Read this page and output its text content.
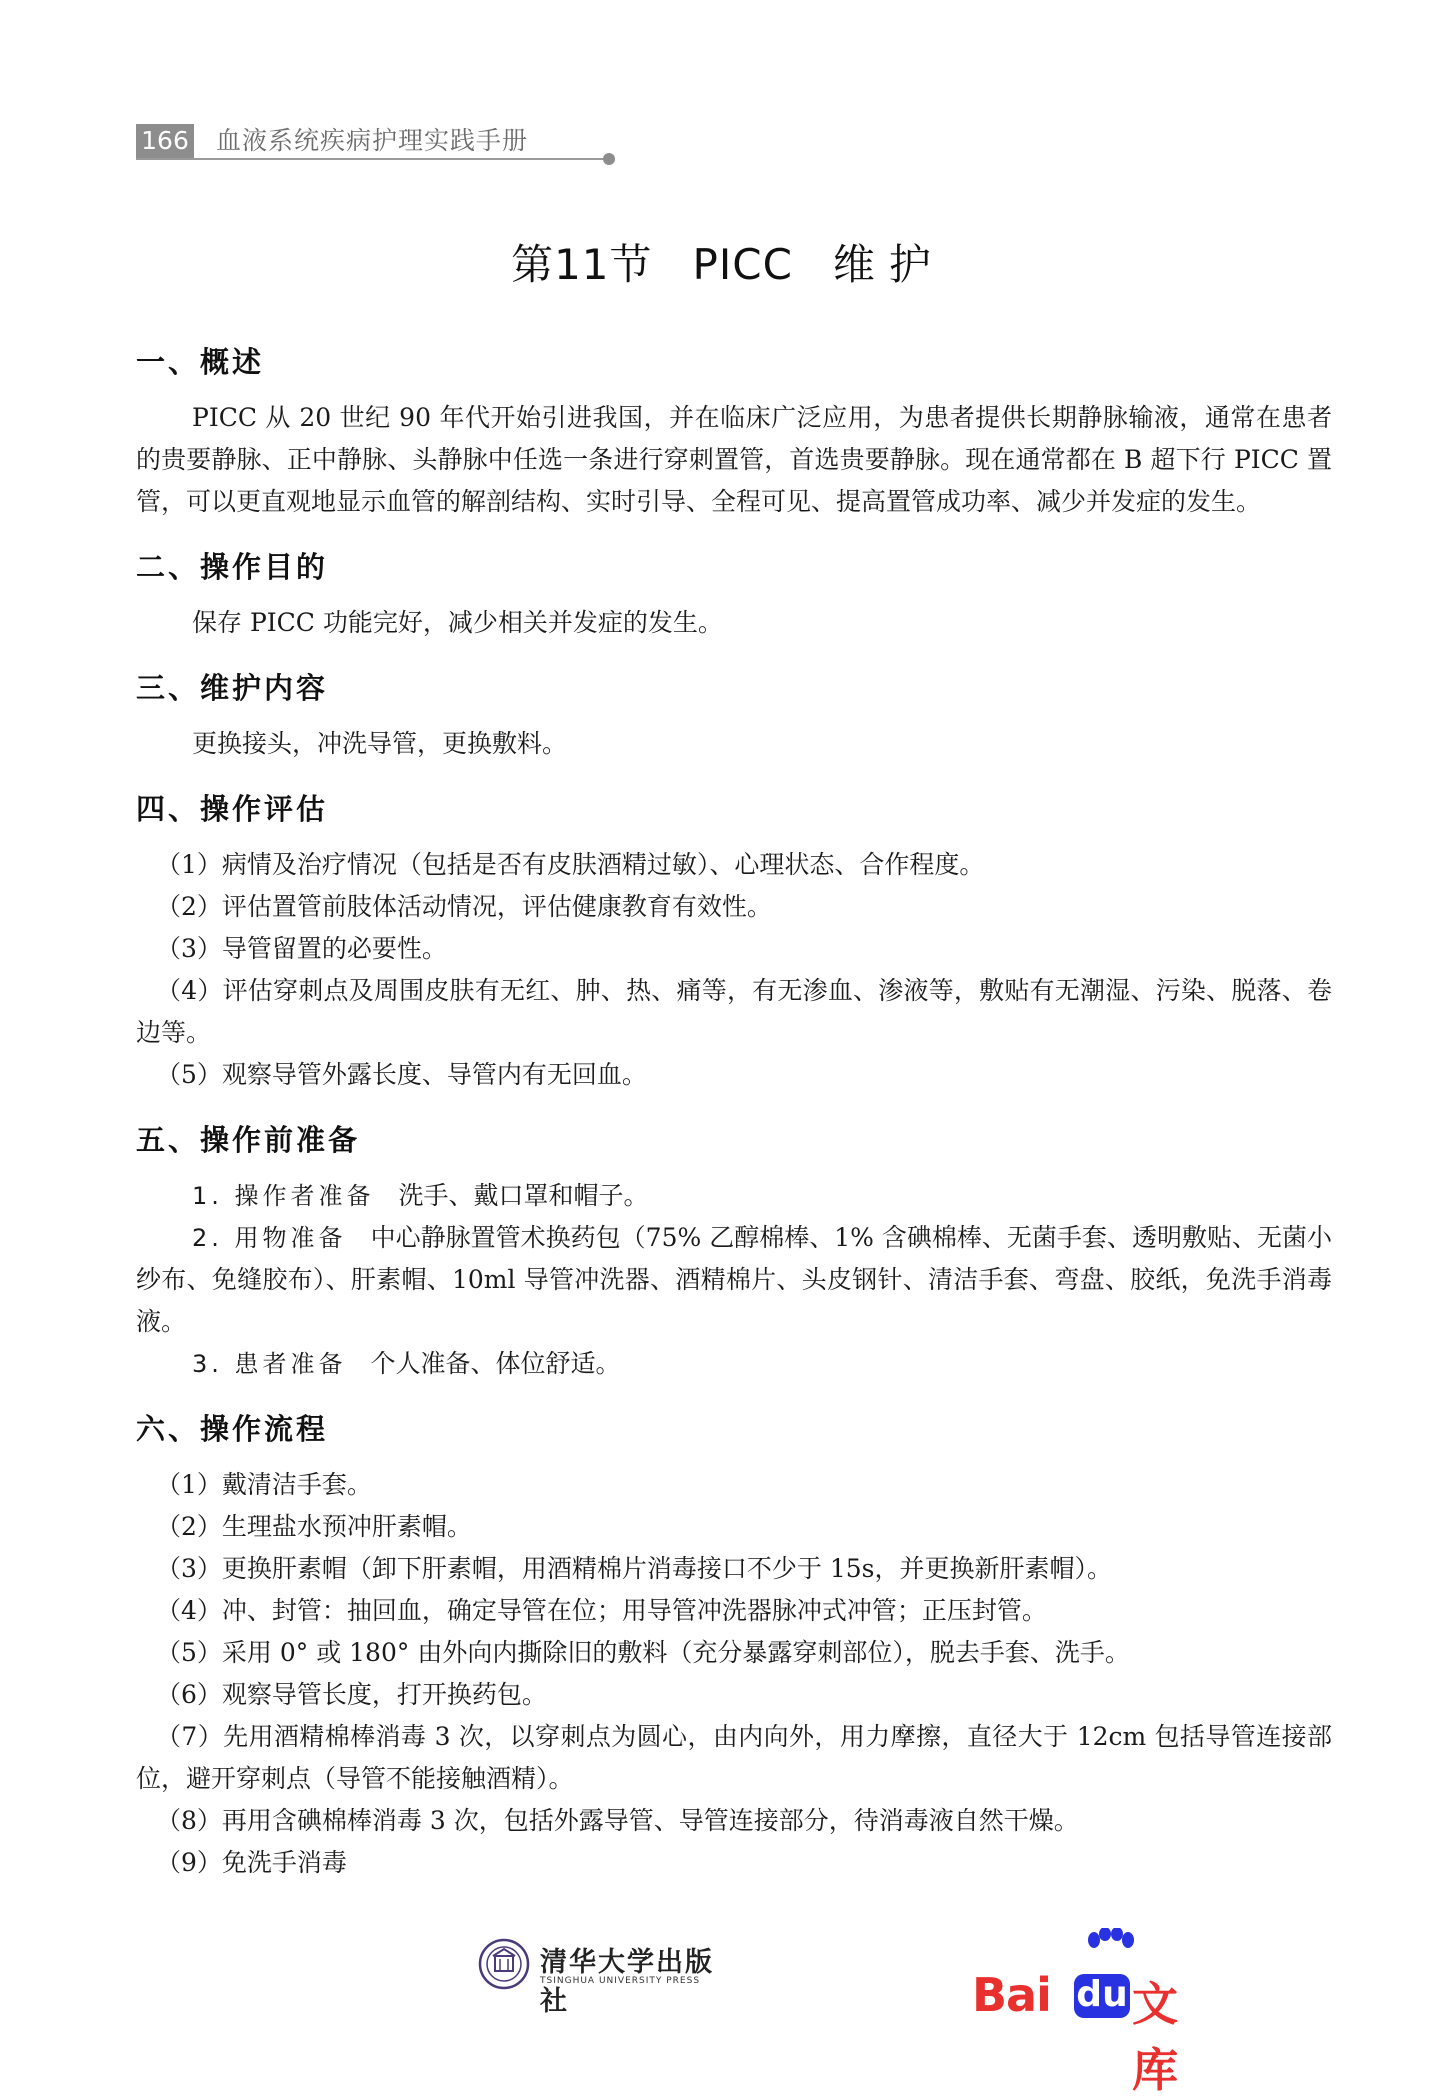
166 血液系统疾病护理实践手册
第11节 PICC 维护
一、概述

PICC 从 20 世纪 90 年代开始引进我国，并在临床广泛应用，为患者提供长期静脉输液，通常在患者的贵要静脉、正中静脉、头静脉中任选一条进行穿刺置管，首选贵要静脉。现在通常都在 B 超下行 PICC 置管，可以更直观地显示血管的解剖结构、实时引导、全程可见、提高置管成功率、减少并发症的发生。

二、操作目的

保存 PICC 功能完好，减少相关并发症的发生。

三、维护内容

更换接头，冲洗导管，更换敷料。

四、操作评估

（1）病情及治疗情况（包括是否有皮肤酒精过敏）、心理状态、合作程度。

（2）评估置管前肢体活动情况，评估健康教育有效性。

（3）导管留置的必要性。

（4）评估穿刺点及周围皮肤有无红、肿、热、痛等，有无渗血、渗液等，敷贴有无潮湿、污染、脱落、卷边等。

（5）观察导管外露长度、导管内有无回血。

五、操作前准备

1. 操作者准备 洗手、戴口罩和帽子。

2. 用物准备 中心静脉置管术换药包（75% 乙醇棉棒、1% 含碘棉棒、无菌手套、透明敷贴、无菌小纱布、免缝胶布）、肝素帽、10ml 导管冲洗器、酒精棉片、头皮钢针、清洁手套、弯盘、胶纸，免洗手消毒液。

3. 患者准备 个人准备、体位舒适。

六、操作流程

（1）戴清洁手套。

（2）生理盐水预冲肝素帽。

（3）更换肝素帽（卸下肝素帽，用酒精棉片消毒接口不少于 15s，并更换新肝素帽）。

（4）冲、封管：抽回血，确定导管在位；用导管冲洗器脉冲式冲管；正压封管。

（5）采用 0° 或 180° 由外向内撕除旧的敷料（充分暴露穿刺部位），脱去手套、洗手。

（6）观察导管长度，打开换药包。

（7）先用酒精棉棒消毒 3 次，以穿刺点为圆心，由内向外，用力摩擦，直径大于 12cm 包括导管连接部位，避开穿刺点（导管不能接触酒精）。

（8）再用含碘棉棒消毒 3 次，包括外露导管、导管连接部分，待消毒液自然干燥。

（9）免洗手消毒

清华大学出版社
TSINGHUA UNIVERSITY PRESS	Bai du 文库
